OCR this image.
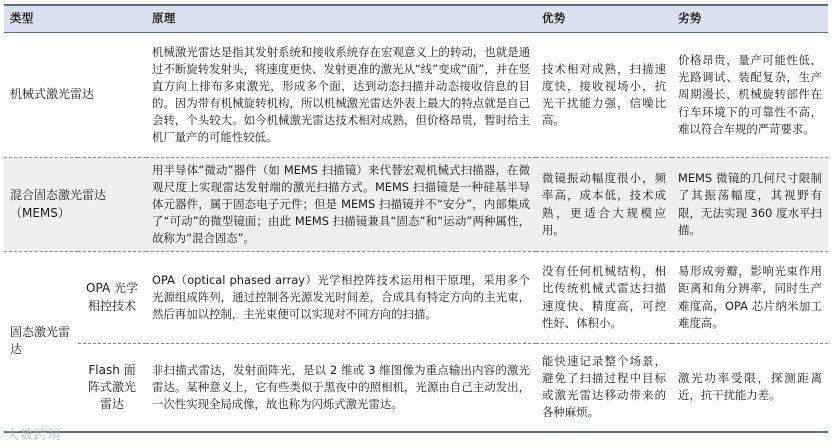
类型		原理	优势	劣势
机械式激光雷达		机械激光雷达是指其发射系统和接收系统存在宏观意义上的转动，也就是通过不断旋转发射头，将速度更快、发射更准的激光从“线”变成“面”，并在竖直方向上排布多束激光，形成多个面，达到动态扫描并动态接收信息的目的。因为带有机械旋转机构，所以机械激光雷达外表上最大的特点就是自己会转，个头较大。如今机械激光雷达技术相对成熟，但价格昂贵，暂时给主机厂量产的可能性较低。	技术相对成熟，扫描速度快，接收视场小，抗光干扰能力强，信噪比高。	价格昂贵，量产可能性低，光路调试、装配复杂，生产周期漫长，机械旋转部件在行车环境下的可靠性不高，难以符合车规的严苛要求。
混合固态激光雷达（MEMS）		用半导体“微动”器件（如 MEMS 扫描镜）来代替宏观机械式扫描器，在微观尺度上实现雷达发射端的激光扫描方式。MEMS 扫描镜是一种硅基半导体元器件，属于固态电子元件；但是 MEMS 扫描镜并不“安分”，内部集成了“可动”的微型镜面；由此 MEMS 扫描镜兼具“固态”和“运动”两种属性，故称为“混合固态”。	微镜振动幅度很小，频率高，成本低，技术成熟，更适合大规模应用。	MEMS 微镜的几何尺寸限制了其振荡幅度，其视野有限，无法实现 360 度水平扫描。
固态激光雷达	OPA 光学相控技术	OPA（optical phased array）光学相控阵技术运用相干原理，采用多个光源组成阵列，通过控制各光源发光时间差，合成具有特定方向的主光束，然后再加以控制，主光束便可以实现对不同方向的扫描。	没有任何机械结构，相比传统机械式雷达扫描速度快、精度高，可控性好、体积小。	易形成旁瓣，影响光束作用距离和角分辨率，同时生产难度高，OPA 芯片纳米加工难度高。
	Flash 面阵式激光雷达	非扫描式雷达，发射面阵光，是以 2 维或 3 维图像为重点输出内容的激光雷达。某种意义上，它有些类似于黑夜中的照相机，光源由自己主动发出，一次性实现全局成像，故也称为闪烁式激光雷达。	能快速记录整个场景，避免了扫描过程中目标或激光雷达移动带来的各种麻烦。	激光功率受限，探测距离近，抗干扰能力差。
大数跨境
